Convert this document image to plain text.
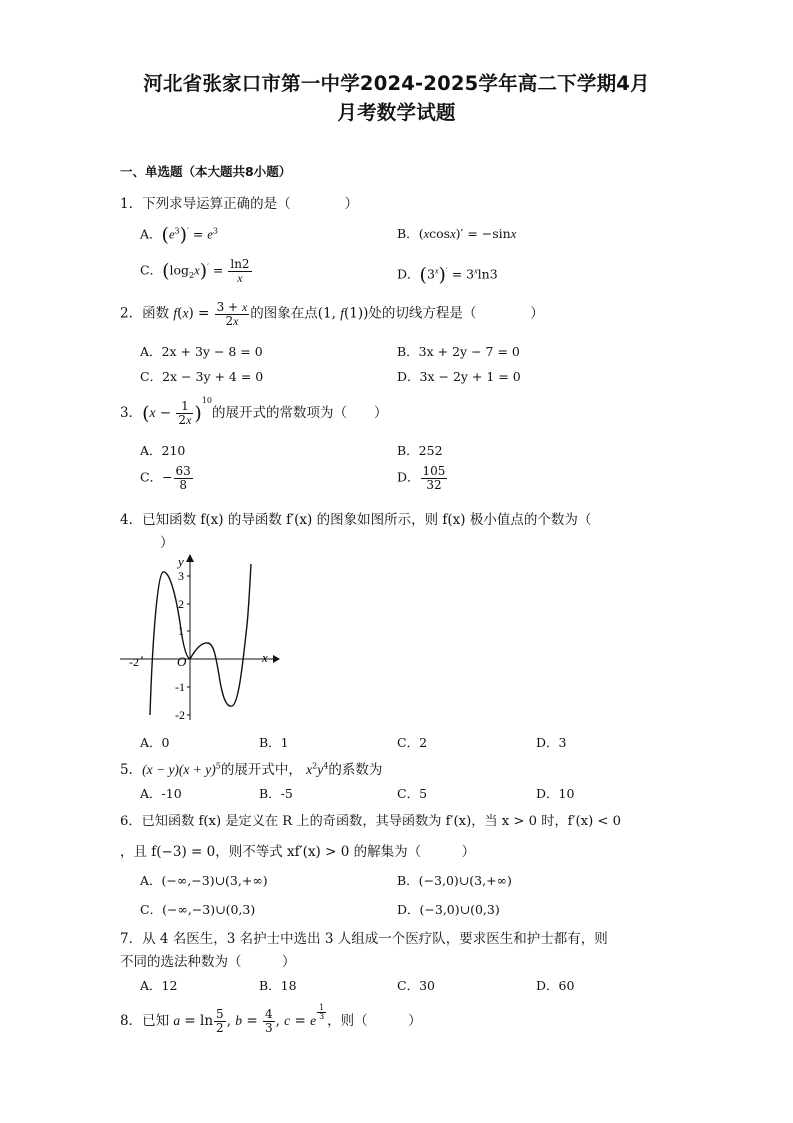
河北省张家口市第一中学2024-2025学年高二下学期4月
月考数学试题
一、单选题（本大题共8小题）
1．下列求导运算正确的是（　　　　）
A．$(e^3)' = e^3$	B．(xcosx)′ = −sinx
C．$(\log_2x)' = \frac{\ln 2}{x}$	D．$(3^x)' = 3^x\ln 3$
2．函数 $f(x) = \frac{3 + x}{2x}$ 的图象在点(1, f(1))处的切线方程是（　　　　）
A．2x + 3y − 8 = 0	B．3x + 2y − 7 = 0
C．2x − 3y + 4 = 0	D．3x − 2y + 1 = 0
3．$(x - \frac{1}{2x} )^{10}$的展开式的常数项为（　　）
A．210	B．252
C．− $\frac{63}{8}$	D． $\frac{105}{32}$
4．已知函数 f(x) 的导函数 f′(x) 的图象如图所示，则 f(x) 极小值点的个数为（
）
y
x
O
3
2
1
-1
-2
-2
A．0	B．1	C．2	D．3
5．$(x - y)(x + y)^5$的展开式中， $x^2y^4$的系数为
A．-10	B．-5	C．5	D．10
6．已知函数 f(x) 是定义在 R 上的奇函数，其导函数为 f′(x)，当 x > 0 时，f′(x) < 0
，且 f(−3) = 0，则不等式 xf′(x) > 0 的解集为（　　　）
A．(−∞,−3)∪(3,+∞)	B．(−3,0)∪(3,+∞)
C．(−∞,−3)∪(0,3)	D．(−3,0)∪(0,3)
7．从 4 名医生，3 名护士中选出 3 人组成一个医疗队，要求医生和护士都有，则
不同的选法种数为（　　　）
A．12	B．18	C．30	D．60
8．已知 $a = \ln \frac{5}{2}$ , $b = \frac{4}{3}$ , c = e $^{\frac{1}{3}}$ ，则（　　　）
